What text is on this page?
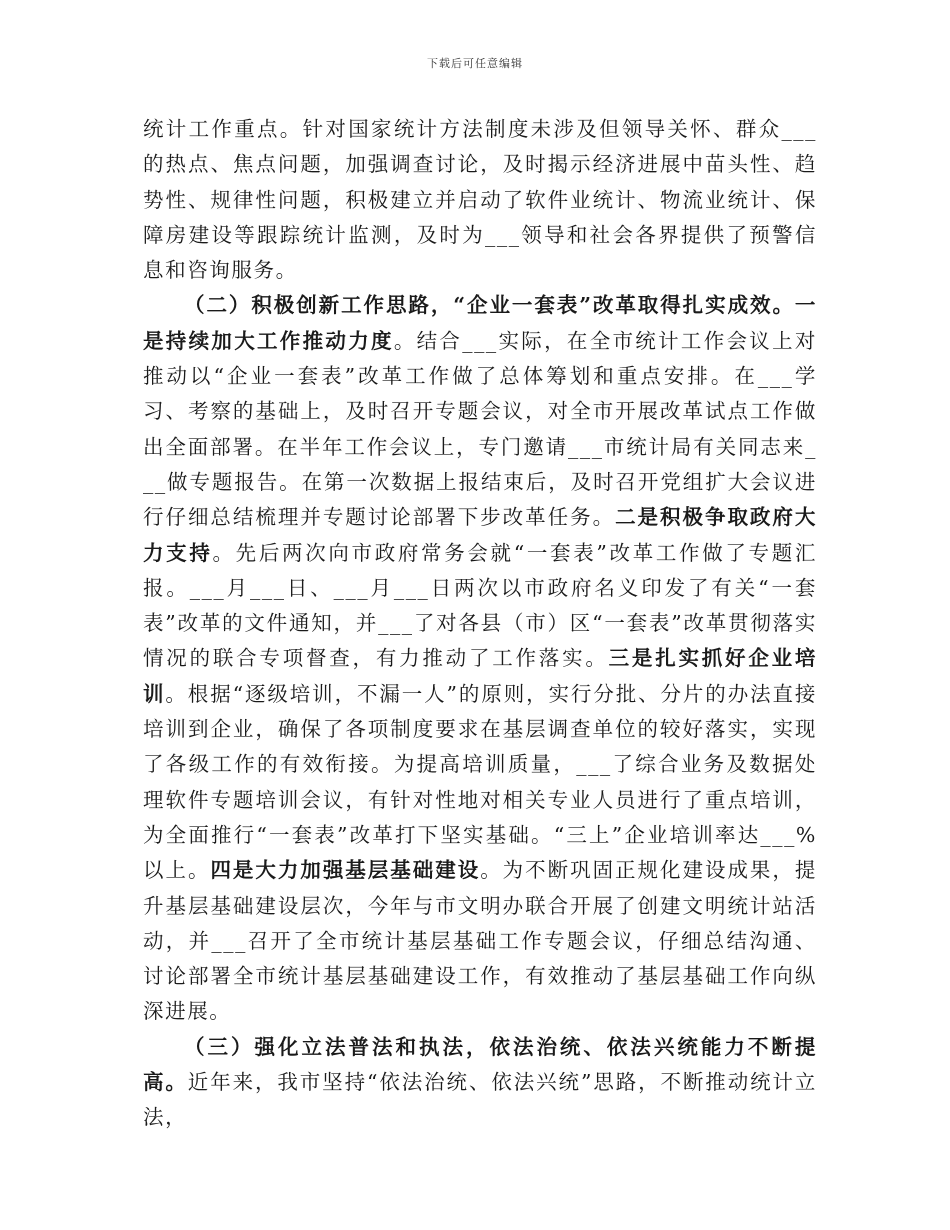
下载后可任意编辑

统计工作重点。针对国家统计方法制度未涉及但领导关怀、群众___的热点、焦点问题，加强调查讨论，及时揭示经济进展中苗头性、趋势性、规律性问题，积极建立并启动了软件业统计、物流业统计、保障房建设等跟踪统计监测，及时为___领导和社会各界提供了预警信息和咨询服务。

（二）积极创新工作思路，“企业一套表”改革取得扎实成效。一是持续加大工作推动力度。结合___实际，在全市统计工作会议上对推动以“企业一套表”改革工作做了总体筹划和重点安排。在___学习、考察的基础上，及时召开专题会议，对全市开展改革试点工作做出全面部署。在半年工作会议上，专门邀请___市统计局有关同志来___做专题报告。在第一次数据上报结束后，及时召开党组扩大会议进行仔细总结梳理并专题讨论部署下步改革任务。二是积极争取政府大力支持。先后两次向市政府常务会就“一套表”改革工作做了专题汇报。___月___日、___月___日两次以市政府名义印发了有关“一套表”改革的文件通知，并___了对各县（市）区“一套表”改革贯彻落实情况的联合专项督查，有力推动了工作落实。三是扎实抓好企业培训。根据“逐级培训，不漏一人”的原则，实行分批、分片的办法直接培训到企业，确保了各项制度要求在基层调查单位的较好落实，实现了各级工作的有效衔接。为提高培训质量，___了综合业务及数据处理软件专题培训会议，有针对性地对相关专业人员进行了重点培训，为全面推行“一套表”改革打下坚实基础。“三上”企业培训率达___%以上。四是大力加强基层基础建设。为不断巩固正规化建设成果，提升基层基础建设层次，今年与市文明办联合开展了创建文明统计站活动，并___召开了全市统计基层基础工作专题会议，仔细总结沟通、讨论部署全市统计基层基础建设工作，有效推动了基层基础工作向纵深进展。

（三）强化立法普法和执法，依法治统、依法兴统能力不断提高。近年来，我市坚持“依法治统、依法兴统”思路，不断推动统计立法，
